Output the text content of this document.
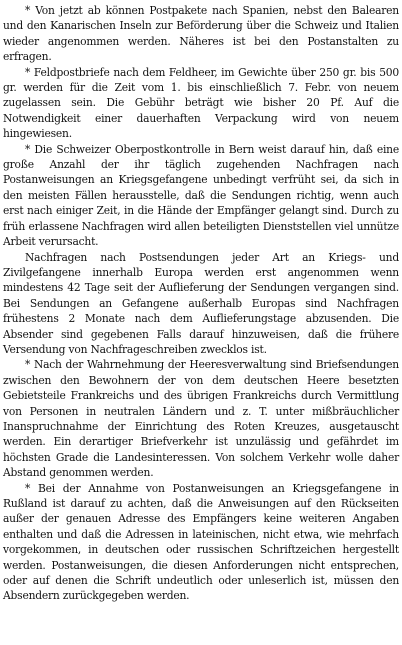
* Von jetzt ab können Postpakete nach Spanien, nebst den Balearen und den Kanarischen Inseln zur Beförderung über die Schweiz und Italien wieder angenommen werden. Näheres ist bei den Postanstalten zu erfragen.

* Feldpostbriefe nach dem Feldheer, im Gewichte über 250 gr. bis 500 gr. werden für die Zeit vom 1. bis einschließlich 7. Febr. von neuem zugelassen sein. Die Gebühr beträgt wie bisher 20 Pf. Auf die Notwendigkeit einer dauerhaften Verpackung wird von neuem hingewiesen.

* Die Schweizer Oberpostkontrolle in Bern weist darauf hin, daß eine große Anzahl der ihr täglich zugehenden Nachfragen nach Postanweisungen an Kriegsgefangene unbedingt verfrüht sei, da sich in den meisten Fällen herausstelle, daß die Sendungen richtig, wenn auch erst nach einiger Zeit, in die Hände der Empfänger gelangt sind. Durch zu früh erlassene Nachfragen wird allen beteiligten Dienststellen viel unnütze Arbeit verursacht.

Nachfragen nach Postsendungen jeder Art an Kriegs- und Zivilgefangene innerhalb Europa werden erst angenommen wenn mindestens 42 Tage seit der Auflieferung der Sendungen vergangen sind. Bei Sendungen an Gefangene außerhalb Europas sind Nachfragen frühestens 2 Monate nach dem Auflieferungstage abzusenden. Die Absender sind gegebenen Falls darauf hinzuweisen, daß die frühere Versendung von Nachfrageschreiben zwecklos ist.

* Nach der Wahrnehmung der Heeresverwaltung sind Briefsendungen zwischen den Bewohnern der von dem deutschen Heere besetzten Gebietsteile Frankreichs und des übrigen Frankreichs durch Vermittlung von Personen in neutralen Ländern und z. T. unter mißbräuchlicher Inanspruchnahme der Einrichtung des Roten Kreuzes, ausgetauscht werden. Ein derartiger Briefverkehr ist unzulässig und gefährdet im höchsten Grade die Landesinteressen. Von solchem Verkehr wolle daher Abstand genommen werden.

* Bei der Annahme von Postanweisungen an Kriegsgefangene in Rußland ist darauf zu achten, daß die Anweisungen auf den Rückseiten außer der genauen Adresse des Empfängers keine weiteren Angaben enthalten und daß die Adressen in lateinischen, nicht etwa, wie mehrfach vorgekommen, in deutschen oder russischen Schriftzeichen hergestellt werden. Postanweisungen, die diesen Anforderungen nicht entsprechen, oder auf denen die Schrift undeutlich oder unleserlich ist, müssen den Absendern zurückgegeben werden.
